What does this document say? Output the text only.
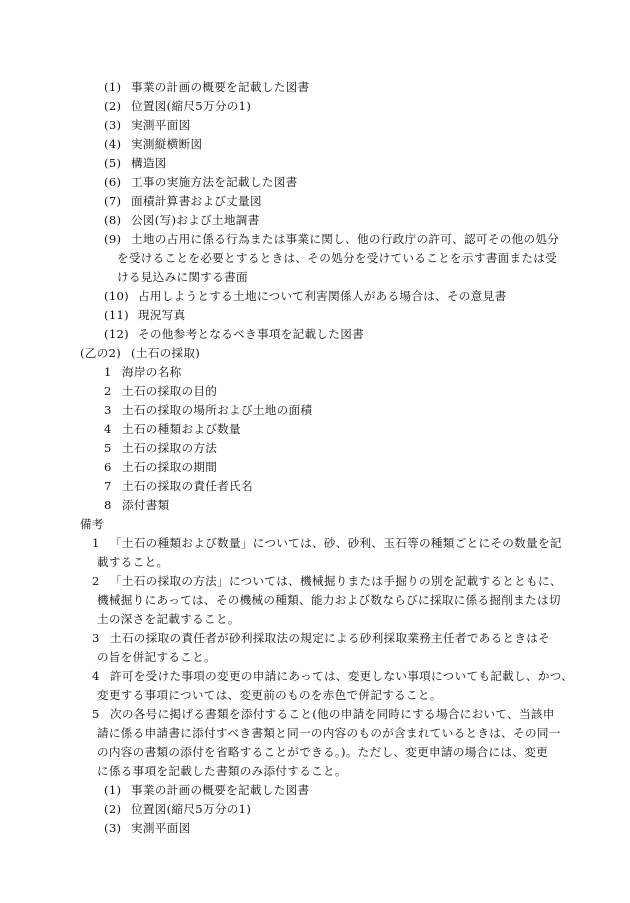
(1) 事業の計画の概要を記載した図書
(2) 位置図(縮尺5万分の1)
(3) 実測平面図
(4) 実測縦横断図
(5) 構造図
(6) 工事の実施方法を記載した図書
(7) 面積計算書および丈量図
(8) 公図(写)および土地調書
(9) 土地の占用に係る行為または事業に関し、他の行政庁の許可、認可その他の処分
を受けることを必要とするときは、その処分を受けていることを示す書面または受
ける見込みに関する書面
(10) 占用しようとする土地について利害関係人がある場合は、その意見書
(11) 現況写真
(12) その他参考となるべき事項を記載した図書
(乙の2) (土石の採取)
1 海岸の名称
2 土石の採取の目的
3 土石の採取の場所および土地の面積
4 土石の種類および数量
5 土石の採取の方法
6 土石の採取の期間
7 土石の採取の責任者氏名
8 添付書類
備考
1 「土石の種類および数量」については、砂、砂利、玉石等の種類ごとにその数量を記
載すること。
2 「土石の採取の方法」については、機械掘りまたは手掘りの別を記載するとともに、
機械掘りにあっては、その機械の種類、能力および数ならびに採取に係る掘削または切
土の深さを記載すること。
3 土石の採取の責任者が砂利採取法の規定による砂利採取業務主任者であるときはそ
の旨を併記すること。
4 許可を受けた事項の変更の申請にあっては、変更しない事項についても記載し、かつ、
変更する事項については、変更前のものを赤色で併記すること。
5 次の各号に掲げる書類を添付すること(他の申請を同時にする場合において、当該申
請に係る申請書に添付すべき書類と同一の内容のものが含まれているときは、その同一
の内容の書類の添付を省略することができる。)。ただし、変更申請の場合には、変更
に係る事項を記載した書類のみ添付すること。
(1) 事業の計画の概要を記載した図書
(2) 位置図(縮尺5万分の1)
(3) 実測平面図
